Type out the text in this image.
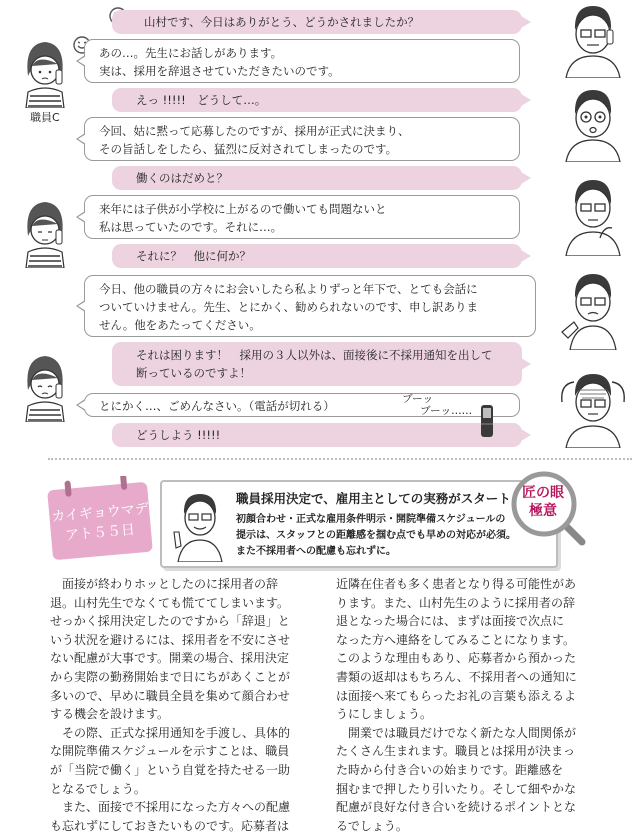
山村です、今日はありがとう、どうかされましたか？
あの…。先生にお話しがあります。
実は、採用を辞退させていただきたいのです。
えっ !!!!!　どうして…。
今回、姑に黙って応募したのですが、採用が正式に決まり、
その旨話しをしたら、猛烈に反対されてしまったのです。
働くのはだめと？
来年には子供が小学校に上がるので働いても問題ないと
私は思っていたのです。それに…。
それに？　他に何か？
今日、他の職員の方々にお会いしたら私よりずっと年下で、とても会話に
ついていけません。先生、とにかく、勧められないのです、申し訳ありま
せん。他をあたってください。
それは困ります！　採用の３人以外は、面接後に不採用通知を出して
断っているのですよ！
とにかく…、ごめんなさい。（電話が切れる）
どうしよう !!!!!
ブーッ
ブーッ……
職員C
カイギョウマデ
アト５５日
職員採用決定で、雇用主としての実務がスタート
初顔合わせ・正式な雇用条件明示・開院準備スケジュールの
提示は、スタッフとの距離感を掴む点でも早めの対応が必須。
また不採用者への配慮も忘れずに。
匠の眼
極意
　面接が終わりホッとしたのに採用者の辞
退。山村先生でなくても慌ててしまいます。
せっかく採用決定したのですから「辞退」と
いう状況を避けるには、採用者を不安にさせ
ない配慮が大事です。開業の場合、採用決定
から実際の勤務開始まで日にちがあくことが
多いので、早めに職員全員を集めて顔合わせ
する機会を設けます。
　その際、正式な採用通知を手渡し、具体的
な開院準備スケジュールを示すことは、職員
が「当院で働く」という自覚を持たせる一助
となるでしょう。
　また、面接で不採用になった方々への配慮
も忘れずにしておきたいものです。応募者は
近隣在住者も多く患者となり得る可能性があ
ります。また、山村先生のように採用者の辞
退となった場合には、まずは面接で次点に
なった方へ連絡をしてみることになります。
このような理由もあり、応募者から預かった
書類の返却はもちろん、不採用者への通知に
は面接へ来てもらったお礼の言葉も添えるよ
うにしましょう。
　開業では職員だけでなく新たな人間関係が
たくさん生まれます。職員とは採用が決まっ
た時から付き合いの始まりです。距離感を
掴むまで押したり引いたり。そして細やかな
配慮が良好な付き合いを続けるポイントとな
るでしょう。
